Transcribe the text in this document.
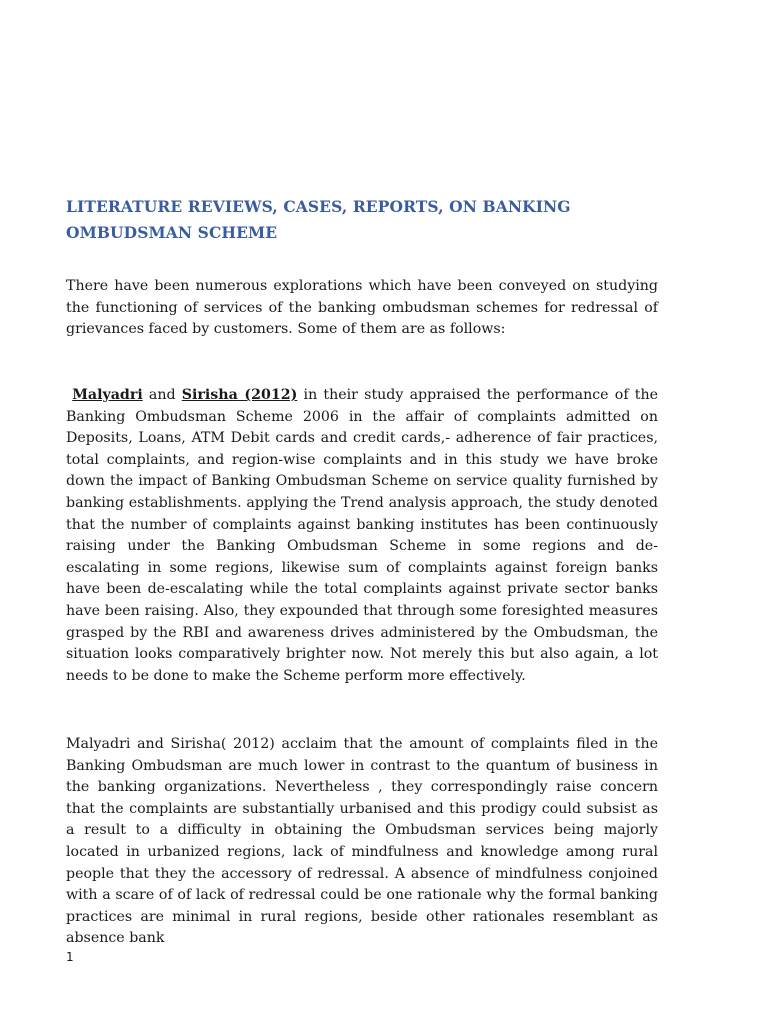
LITERATURE REVIEWS, CASES, REPORTS, ON BANKING
OMBUDSMAN SCHEME

There have been numerous explorations which have been conveyed on studying the functioning of services of the banking ombudsman schemes for redressal of grievances faced by customers. Some of them are as follows:

Malyadri and Sirisha (2012) in their study appraised the performance of the Banking Ombudsman Scheme 2006 in the affair of complaints admitted on Deposits, Loans, ATM Debit cards and credit cards,- adherence of fair practices, total complaints, and region-wise complaints and in this study we have broke down the impact of Banking Ombudsman Scheme on service quality furnished by banking establishments. applying the Trend analysis approach, the study denoted that the number of complaints against banking institutes has been continuously raising under the Banking Ombudsman Scheme in some regions and de-escalating in some regions, likewise sum of complaints against foreign banks have been de-escalating while the total complaints against private sector banks have been raising. Also, they expounded that through some foresighted measures grasped by the RBI and awareness drives administered by the Ombudsman, the situation looks comparatively brighter now. Not merely this but also again, a lot needs to be done to make the Scheme perform more effectively.

Malyadri and Sirisha( 2012) acclaim that the amount of complaints filed in the Banking Ombudsman are much lower in contrast to the quantum of business in the banking organizations. Nevertheless , they correspondingly raise concern that the complaints are substantially urbanised and this prodigy could subsist as a result to a difficulty in obtaining the Ombudsman services being majorly located in urbanized regions, lack of mindfulness and knowledge among rural people that they the accessory of redressal. A absence of mindfulness conjoined with a scare of of lack of redressal could be one rationale why the formal banking practices are minimal in rural regions, beside other rationales resemblant as absence bank

1
